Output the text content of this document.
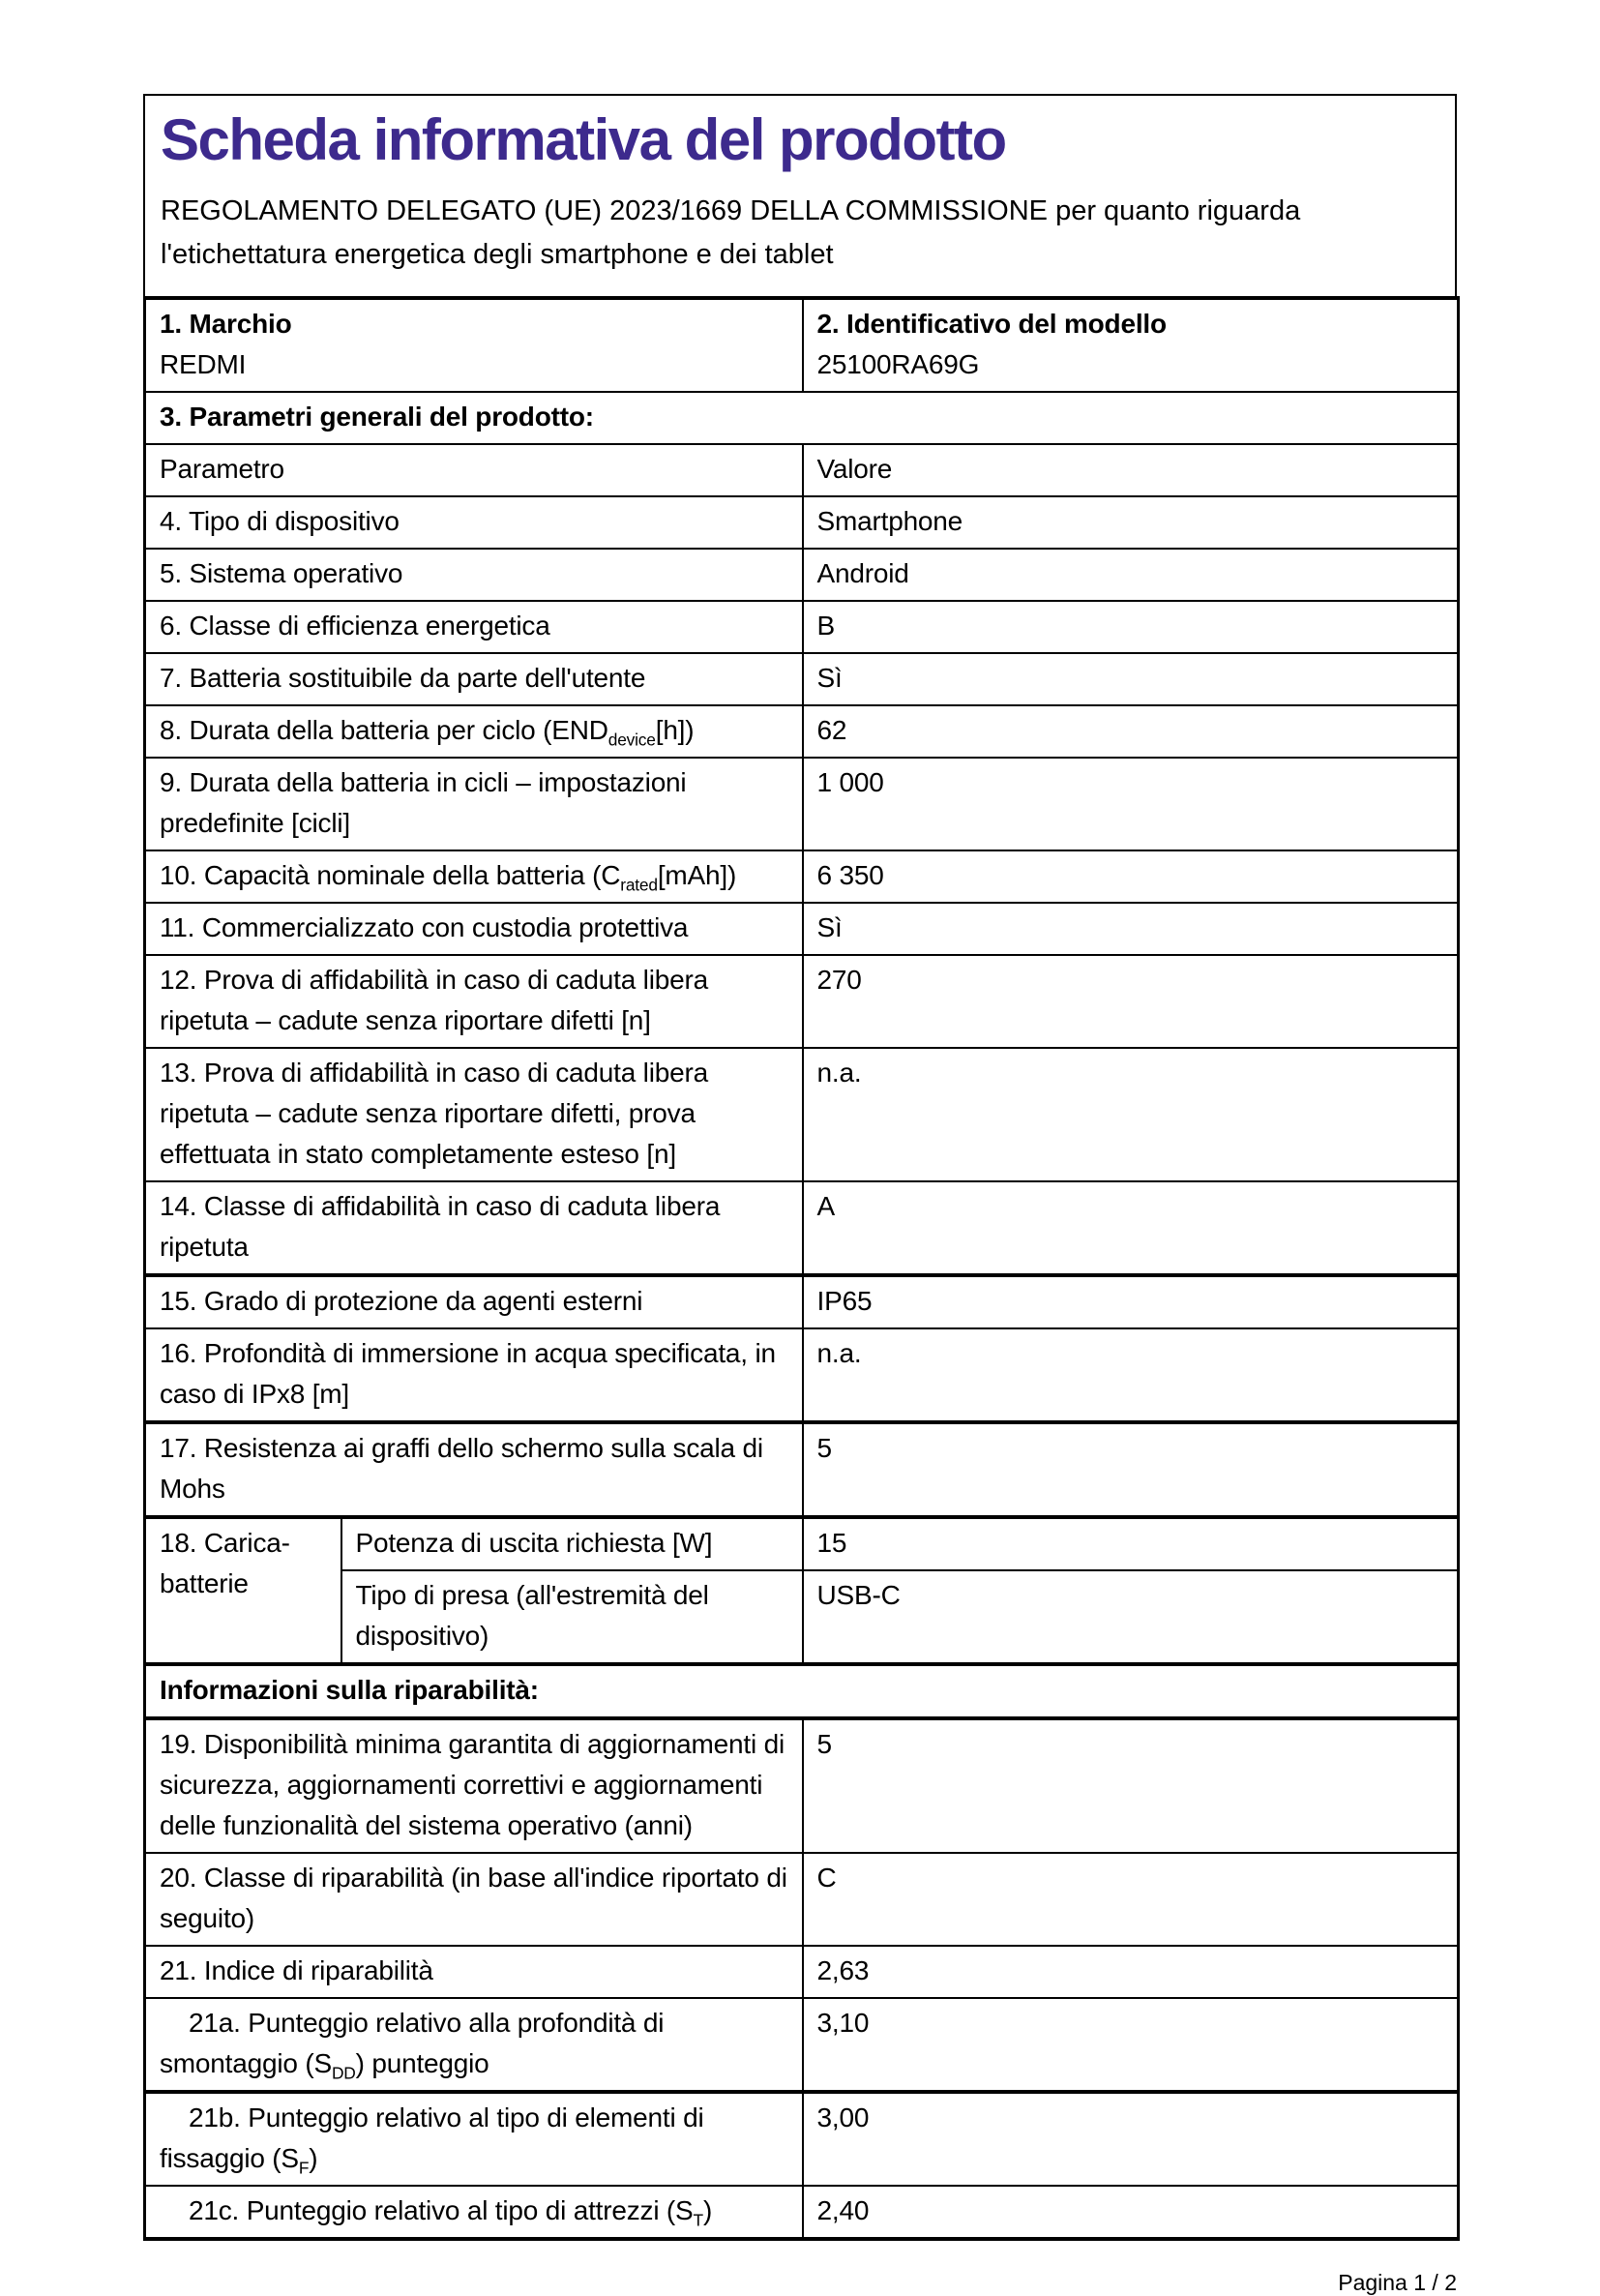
Scheda informativa del prodotto

REGOLAMENTO DELEGATO (UE) 2023/1669 DELLA COMMISSIONE per quanto riguarda l'etichettatura energetica degli smartphone e dei tablet

1. Marchio
REDMI

2. Identificativo del modello
25100RA69G

3. Parametri generali del prodotto:		
Parametro		Valore
4. Tipo di dispositivo		Smartphone
5. Sistema operativo		Android
6. Classe di efficienza energetica		B
7. Batteria sostituibile da parte dell'utente		Sì
8. Durata della batteria per ciclo $(END_{device}[h])$		62
9. Durata della batteria in cicli – impostazioni predefinite [cicli]		1 000
10. Capacità nominale della batteria $(C_{rated}[mAh])$		6 350
11. Commercializzato con custodia protettiva		Sì
12. Prova di affidabilità in caso di caduta libera ripetuta – cadute senza riportare difetti [n]		270
13. Prova di affidabilità in caso di caduta libera ripetuta – cadute senza riportare difetti, prova effettuata in stato completamente esteso [n]		n.a.
14. Classe di affidabilità in caso di caduta libera ripetuta		A
15. Grado di protezione da agenti esterni		IP65
16. Profondità di immersione in acqua specificata, in caso di IPx8 [m]		n.a.
17. Resistenza ai graffi dello schermo sulla scala di Mohs		5
18. Caricabatterie	Potenza di uscita richiesta [W]	15
	Tipo di presa (all'estremità del dispositivo)	USB-C
Informazioni sulla riparabilità:		
19. Disponibilità minima garantita di aggiornamenti di sicurezza, aggiornamenti correttivi e aggiornamenti delle funzionalità del sistema operativo (anni)		5
20. Classe di riparabilità (in base all'indice riportato di seguito)		C
21. Indice di riparabilità		2,63
21a. Punteggio relativo alla profondità di smontaggio $(S_{DD})$ punteggio		3,10
21b. Punteggio relativo al tipo di elementi di fissaggio $(S_F)$		3,00
21c. Punteggio relativo al tipo di attrezzi $(S_T)$		2,40
Pagina 1 / 2
